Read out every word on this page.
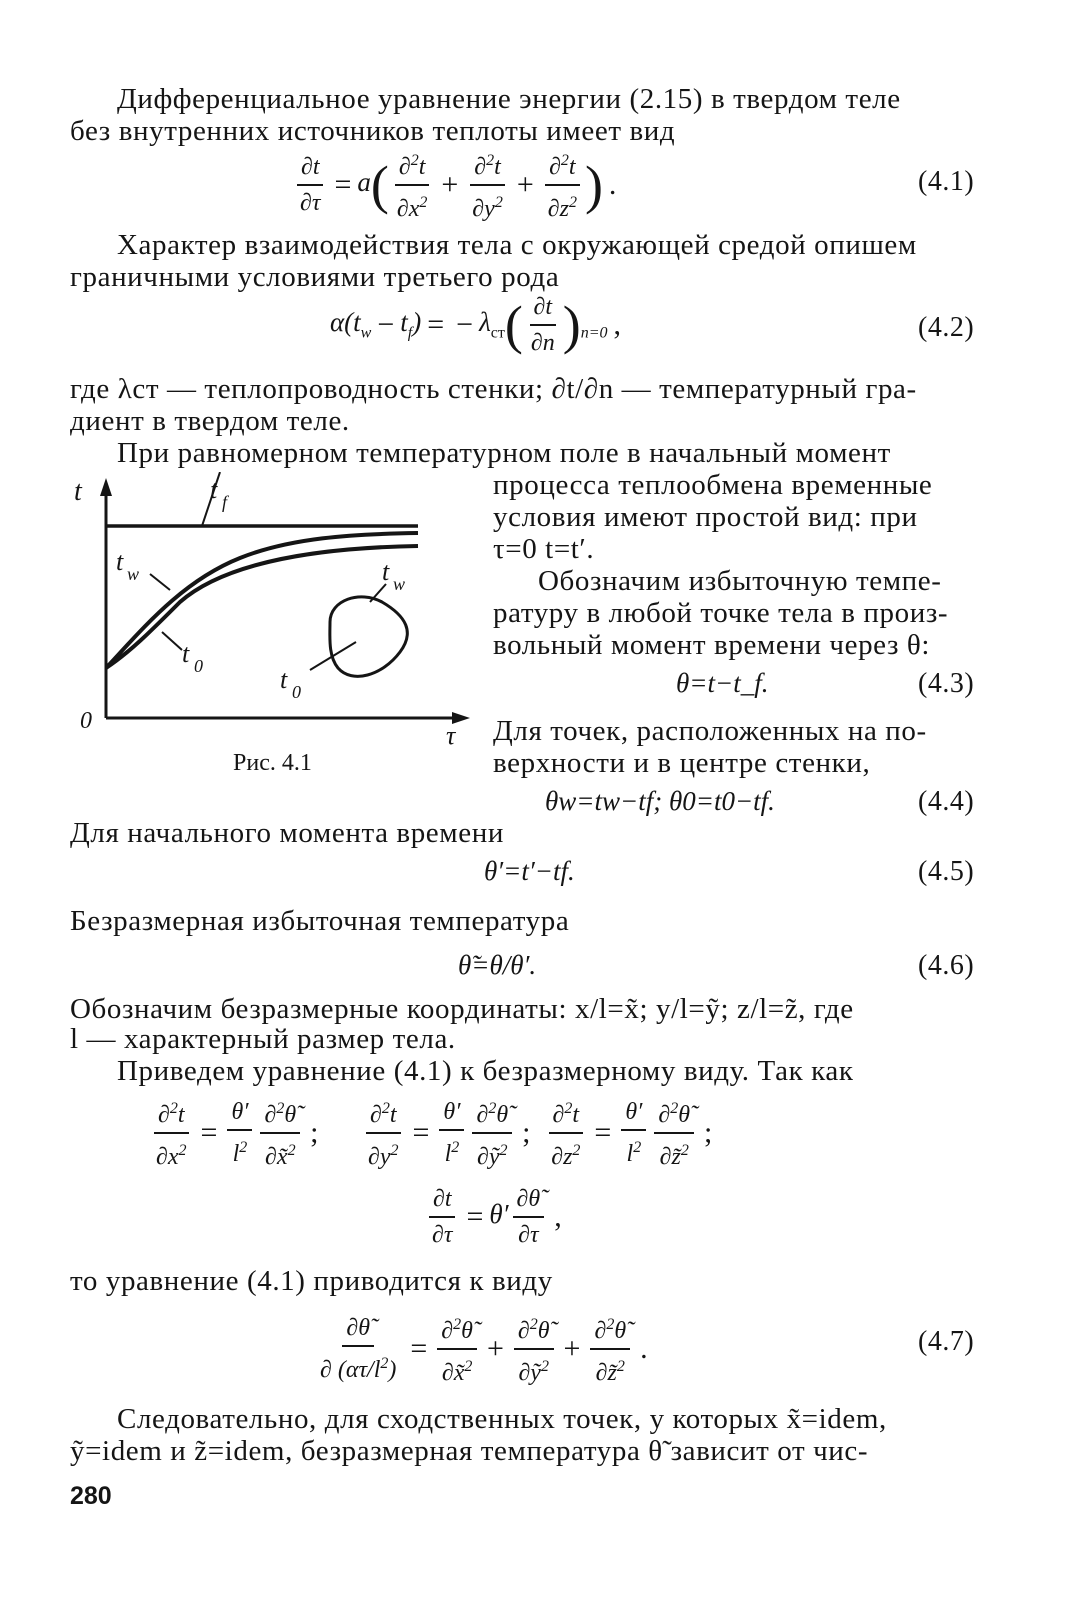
Дифференциальное уравнение энергии (2.15) в твердом теле
без внутренних источников теплоты имеет вид
$\frac{\partial t}{\partial\tau} = a( \frac{\partial^2t}{\partial x^2} + \frac{\partial^2t}{\partial y^2} + \frac{\partial^2t}{\partial z^2}$ ) .	(4.1)
Характер взаимодействия тела с окружающей средой опишем
граничными условиями третьего рода
$\alpha(t_w - t_f)$ = − $\lambda_{ст}( \frac{\partial t}{\partial n} )_{n=0}$ ,	(4.2)
где λст — теплопроводность стенки; ∂t/∂n — температурный гра-
диент в твердом теле.
При равномерном температурном поле в начальный момент
процесса теплообмена временные
условия имеют простой вид: при
τ=0 t=t′.
Обозначим избыточную темпе-
ратуру в любой точке тела в произ-
вольный момент времени через θ:
θ=t−t_f.	(4.3)
Для точек, расположенных на по-
верхности и в центре стенки,
θw=tw−tf; θ0=t0−tf.	(4.4)
t	t f
t w
t 0
t w
t 0
0	τ
Рис. 4.1
Для начального момента времени
θ′=t′−tf.	(4.5)
Безразмерная избыточная температура
θ̃=θ/θ′.	(4.6)
Обозначим безразмерные координаты: x/l=x̃; y/l=ỹ; z/l=z̃, где
l — характерный размер тела.
Приведем уравнение (4.1) к безразмерному виду. Так как
$\frac{\partial^2t}{\partial x^2} = \frac{\theta'}{l^2} \frac{\partial^2\thetã}{\partial x̃^2}$ ; $\frac{\partial^2t}{\partial y^2} = \frac{\theta'}{l^2} \frac{\partial^2\thetã}{\partial ỹ^2}$ ; $\frac{\partial^2t}{\partial z^2} = \frac{\theta'}{l^2} \frac{\partial^2\thetã}{\partial z̃^2}$ ;
$\frac{\partial t}{\partial\tau} = \theta' \frac{\partial\thetã}{\partial\tau}$ ,
то уравнение (4.1) приводится к виду
$\frac{\partial\thetã}{\partial (\alpha\tau/l^2)} = \frac{\partial^2\thetã}{\partial x̃^2} + \frac{\partial^2\thetã}{\partial ỹ^2} + \frac{\partial^2\thetã}{\partial z̃^2}$ .	(4.7)
Следовательно, для сходственных точек, у которых x̃=idem,
ỹ=idem и z̃=idem, безразмерная температура θ̃ зависит от чис-
280
